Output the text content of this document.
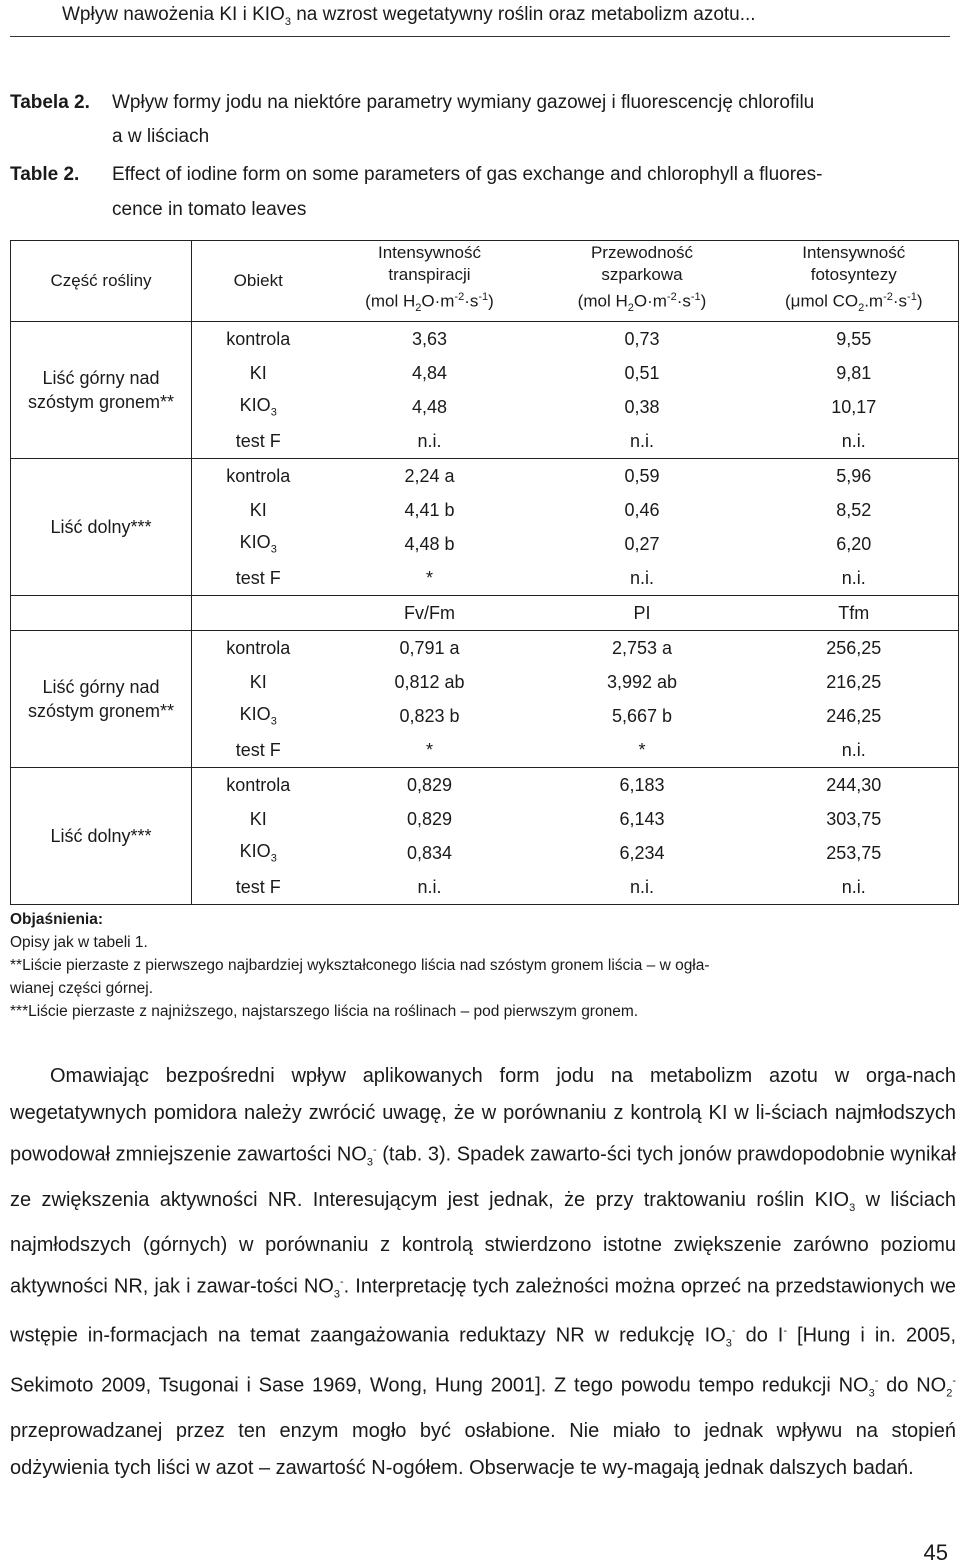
Wpływ nawożenia KI i $KIO_3$ na wzrost wegetatywny roślin oraz metabolizm azotu...
Tabela 2. Wpływ formy jodu na niektóre parametry wymiany gazowej i fluorescencję chlorofilu
a w liściach
Table 2. Effect of iodine form on some parameters of gas exchange and chlorophyll a fluores-
cence in tomato leaves
Część rośliny	Obiekt	Intensywność
transpiracji
(mol $H_2O\cdot m^{-2}\cdot s^{-1}$)	Przewodność
szparkowa
(mol $H_2O\cdot m^{-2}\cdot s^{-1}$)	Intensywność
fotosyntezy
(μmol $CO_2.m^{-2}\cdot s^{-1}$)
Liść górny nad
szóstym gronem**	kontrola	3,63	0,73	9,55
	KI	4,84	0,51	9,81
	$KIO_3$	4,48	0,38	10,17
	test F	n.i.	n.i.	n.i.
Liść dolny***	kontrola	2,24 a	0,59	5,96
	KI	4,41 b	0,46	8,52
	$KIO_3$	4,48 b	0,27	6,20
	test F	*	n.i.	n.i.
		Fv/Fm	PI	Tfm
Liść górny nad
szóstym gronem**	kontrola	0,791 a	2,753 a	256,25
	KI	0,812 ab	3,992 ab	216,25
	$KIO_3$	0,823 b	5,667 b	246,25
	test F	*	*	n.i.
Liść dolny***	kontrola	0,829	6,183	244,30
	KI	0,829	6,143	303,75
	$KIO_3$	0,834	6,234	253,75
	test F	n.i.	n.i.	n.i.
Objaśnienia:
Opisy jak w tabeli 1.
**Liście pierzaste z pierwszego najbardziej wykształconego liścia nad szóstym gronem liścia – w ogła-
wianej części górnej.
***Liście pierzaste z najniższego, najstarszego liścia na roślinach – pod pierwszym gronem.
Omawiając bezpośredni wpływ aplikowanych form jodu na metabolizm azotu w orga-nach wegetatywnych pomidora należy zwrócić uwagę, że w porównaniu z kontrolą KI w li-ściach najmłodszych powodował zmniejszenie zawartości $NO_3^-$ (tab. 3). Spadek zawarto-ści tych jonów prawdopodobnie wynikał ze zwiększenia aktywności NR. Interesującym jest jednak, że przy traktowaniu roślin $KIO_3$ w liściach najmłodszych (górnych) w porównaniu z kontrolą stwierdzono istotne zwiększenie zarówno poziomu aktywności NR, jak i zawar-tości $NO_3^-$. Interpretację tych zależności można oprzeć na przedstawionych we wstępie in-formacjach na temat zaangażowania reduktazy NR w redukcję $IO_3^-$ do I- [Hung i in. 2005, Sekimoto 2009, Tsugonai i Sase 1969, Wong, Hung 2001]. Z tego powodu tempo redukcji $NO_3^-$ do $NO_2^-$ przeprowadzanej przez ten enzym mogło być osłabione. Nie miało to jednak wpływu na stopień odżywienia tych liści w azot – zawartość N-ogółem. Obserwacje te wy-magają jednak dalszych badań.
45
